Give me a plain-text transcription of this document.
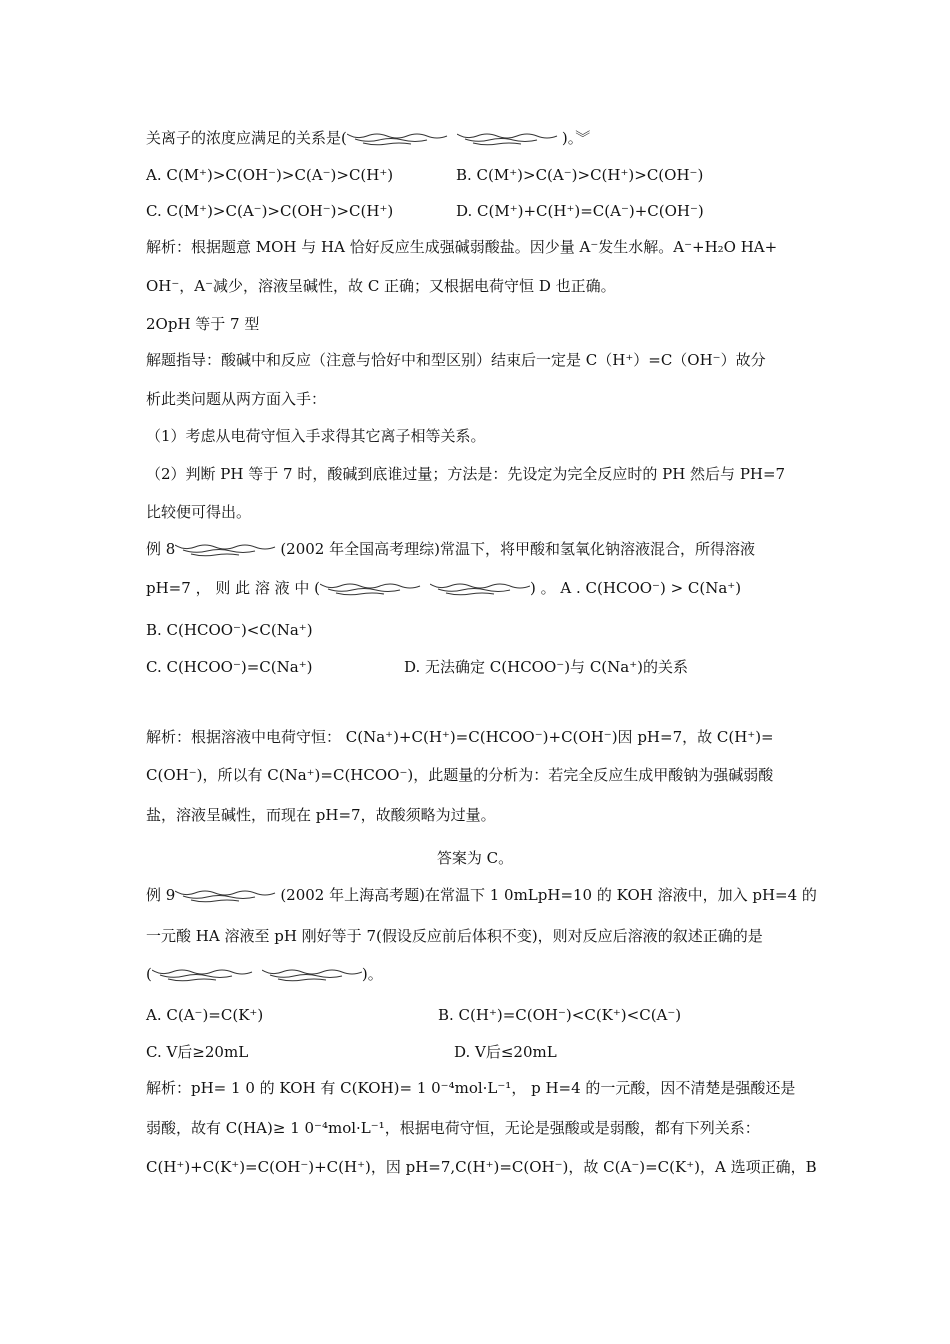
关离子的浓度应满足的关系是(	)。︾
A. C(M⁺)>C(OH⁻)>C(A⁻)>C(H⁺)	B. C(M⁺)>C(A⁻)>C(H⁺)>C(OH⁻)
C. C(M⁺)>C(A⁻)>C(OH⁻)>C(H⁺)	D. C(M⁺)+C(H⁺)=C(A⁻)+C(OH⁻)
解析：根据题意 MOH 与 HA 恰好反应生成强碱弱酸盐。因少量 A⁻发生水解。A⁻+H₂O HA+
OH⁻，A⁻减少，溶液呈碱性，故 C 正确；又根据电荷守恒 D 也正确。
2OpH 等于 7 型
解题指导：酸碱中和反应（注意与恰好中和型区别）结束后一定是 C（H⁺）=C（OH⁻）故分
析此类问题从两方面入手：
（1）考虑从电荷守恒入手求得其它离子相等关系。
（2）判断 PH 等于 7 时，酸碱到底谁过量；方法是：先设定为完全反应时的 PH 然后与 PH=7
比较便可得出。
例 8	(2002 年全国高考理综)常温下，将甲酸和氢氧化钠溶液混合，所得溶液
pH=7 ， 则 此 溶 液 中 (	) 。 A . C(HCOO⁻) > C(Na⁺)
B. C(HCOO⁻)<C(Na⁺)
C. C(HCOO⁻)=C(Na⁺)	D. 无法确定 C(HCOO⁻)与 C(Na⁺)的关系
解析：根据溶液中电荷守恒： C(Na⁺)+C(H⁺)=C(HCOO⁻)+C(OH⁻)因 pH=7，故 C(H⁺)=
C(OH⁻)，所以有 C(Na⁺)=C(HCOO⁻)，此题量的分析为：若完全反应生成甲酸钠为强碱弱酸
盐，溶液呈碱性，而现在 pH=7，故酸须略为过量。
答案为 C。
例 9	(2002 年上海高考题)在常温下 1 0mLpH=10 的 KOH 溶液中，加入 pH=4 的
一元酸 HA 溶液至 pH 刚好等于 7(假设反应前后体积不变)，则对反应后溶液的叙述正确的是
(	)。
A. C(A⁻)=C(K⁺)	B. C(H⁺)=C(OH⁻)<C(K⁺)<C(A⁻)
C. V后≥20mL	D. V后≤20mL
解析：pH= 1 0 的 KOH 有 C(KOH)= 1 0⁻⁴mol·L⁻¹， p H=4 的一元酸，因不清楚是强酸还是
弱酸，故有 C(HA)≥ 1 0⁻⁴mol·L⁻¹，根据电荷守恒，无论是强酸或是弱酸，都有下列关系：
C(H⁺)+C(K⁺)=C(OH⁻)+C(H⁺)，因 pH=7,C(H⁺)=C(OH⁻)，故 C(A⁻)=C(K⁺)，A 选项正确，B
